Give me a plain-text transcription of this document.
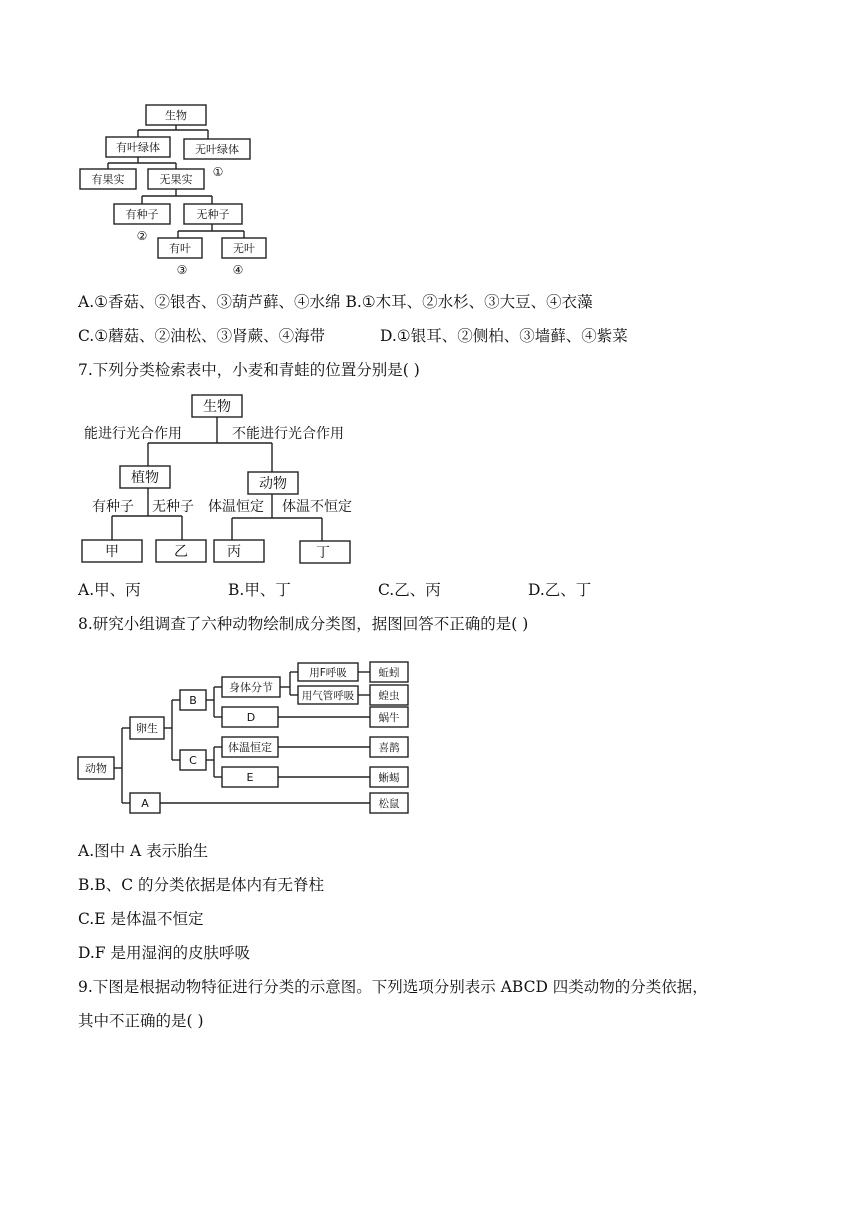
生物
有叶绿体	无叶绿体
①
有果实	无果实
有种子	无种子
②
有叶	无叶
③	④
A.①香菇、②银杏、③葫芦藓、④水绵 B.①木耳、②水杉、③大豆、④衣藻
C.①蘑菇、②油松、③肾蕨、④海带	D.①银耳、②侧柏、③墙藓、④紫菜
7.下列分类检索表中，小麦和青蛙的位置分别是( )
生物
能进行光合作用	不能进行光合作用
植物	动物
有种子 无种子 体温恒定 体温不恒定
甲	乙	丙	丁
A.甲、丙	B.甲、丁	C.乙、丙	D.乙、丁
8.研究小组调查了六种动物绘制成分类图，据图回答不正确的是( )
动物
卵生
A
B
C
身体分节
D
用F呼吸
用气管呼吸
体温恒定
E
蚯蚓
蝗虫
蜗牛
喜鹊
蜥蜴
松鼠
A.图中 A 表示胎生
B.B、C 的分类依据是体内有无脊柱
C.E 是体温不恒定
D.F 是用湿润的皮肤呼吸
9.下图是根据动物特征进行分类的示意图。下列选项分别表示 ABCD 四类动物的分类依据，
其中不正确的是( )
